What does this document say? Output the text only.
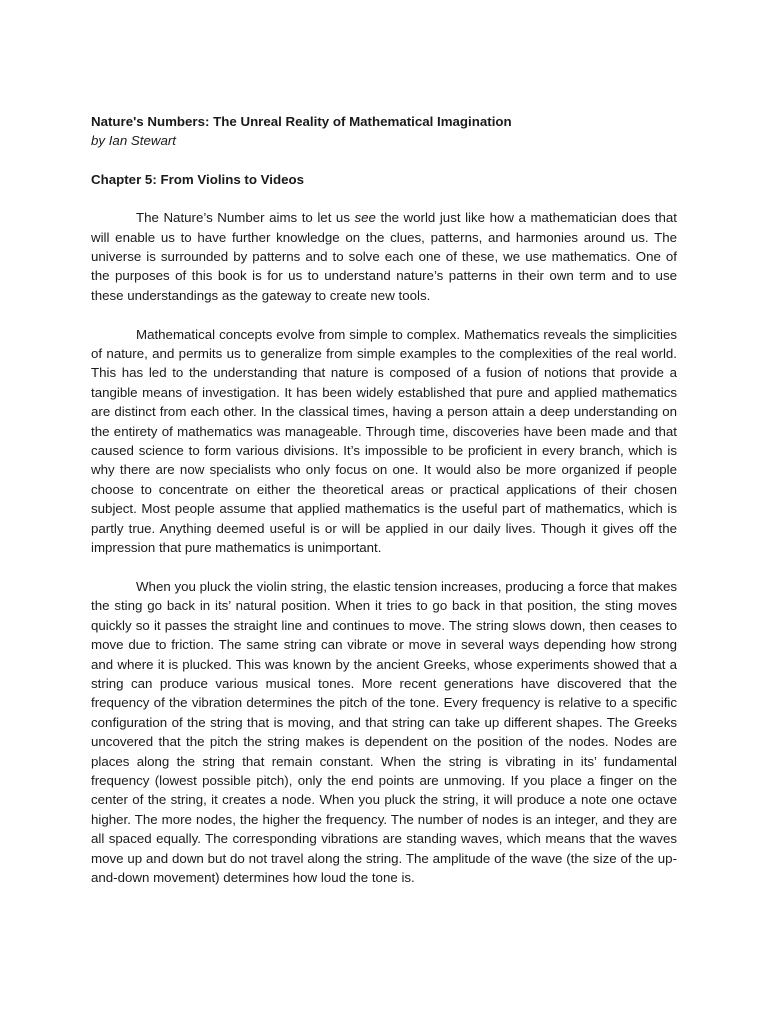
Nature's Numbers: The Unreal Reality of Mathematical Imagination

by Ian Stewart

Chapter 5: From Violins to Videos

The Nature’s Number aims to let us see the world just like how a mathematician does that will enable us to have further knowledge on the clues, patterns, and harmonies around us. The universe is surrounded by patterns and to solve each one of these, we use mathematics. One of the purposes of this book is for us to understand nature’s patterns in their own term and to use these understandings as the gateway to create new tools.

Mathematical concepts evolve from simple to complex. Mathematics reveals the simplicities of nature, and permits us to generalize from simple examples to the complexities of the real world. This has led to the understanding that nature is composed of a fusion of notions that provide a tangible means of investigation. It has been widely established that pure and applied mathematics are distinct from each other. In the classical times, having a person attain a deep understanding on the entirety of mathematics was manageable. Through time, discoveries have been made and that caused science to form various divisions. It’s impossible to be proficient in every branch, which is why there are now specialists who only focus on one. It would also be more organized if people choose to concentrate on either the theoretical areas or practical applications of their chosen subject. Most people assume that applied mathematics is the useful part of mathematics, which is partly true. Anything deemed useful is or will be applied in our daily lives. Though it gives off the impression that pure mathematics is unimportant.

When you pluck the violin string, the elastic tension increases, producing a force that makes the sting go back in its’ natural position. When it tries to go back in that position, the sting moves quickly so it passes the straight line and continues to move. The string slows down, then ceases to move due to friction. The same string can vibrate or move in several ways depending how strong and where it is plucked. This was known by the ancient Greeks, whose experiments showed that a string can produce various musical tones. More recent generations have discovered that the frequency of the vibration determines the pitch of the tone. Every frequency is relative to a specific configuration of the string that is moving, and that string can take up different shapes. The Greeks uncovered that the pitch the string makes is dependent on the position of the nodes. Nodes are places along the string that remain constant. When the string is vibrating in its’ fundamental frequency (lowest possible pitch), only the end points are unmoving. If you place a finger on the center of the string, it creates a node. When you pluck the string, it will produce a note one octave higher. The more nodes, the higher the frequency. The number of nodes is an integer, and they are all spaced equally. The corresponding vibrations are standing waves, which means that the waves move up and down but do not travel along the string. The amplitude of the wave (the size of the up-and-down movement) determines how loud the tone is.
